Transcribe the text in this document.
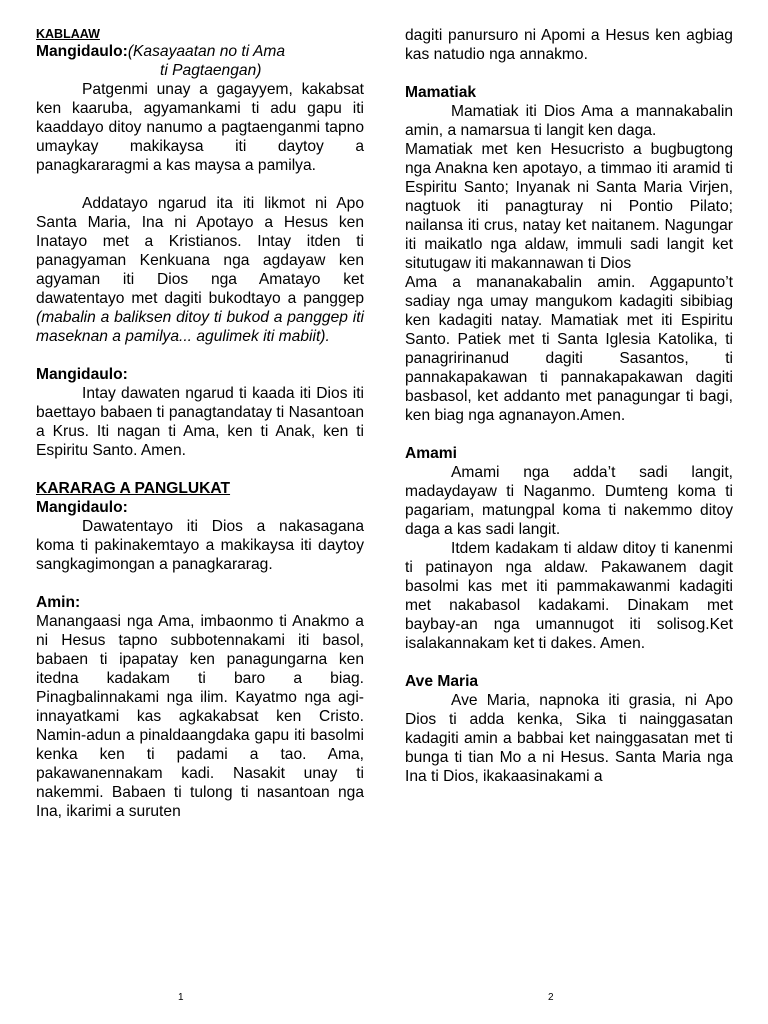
KABLAAW
Mangidaulo:(Kasayaatan no ti Ama
ti Pagtaengan)

Patgenmi unay a gagayyem, kakabsat ken kaaruba, agyamankami ti adu gapu iti kaaddayo ditoy nanumo a pagtaenganmi tapno umaykay makikaysa iti daytoy a panagkararagmi a kas maysa a pamilya.

Addatayo ngarud ita iti likmot ni Apo Santa Maria, Ina ni Apotayo a Hesus ken Inatayo met a Kristianos. Intay itden ti panagyaman Kenkuana nga agdayaw ken agyaman iti Dios nga Amatayo ket dawatentayo met dagiti bukodtayo a panggep (mabalin a baliksen ditoy ti bukod a panggep iti maseknan a pamilya... agulimek iti mabiit).

Mangidaulo:

Intay dawaten ngarud ti kaada iti Dios iti baettayo babaen ti panagtandatay ti Nasantoan a Krus. Iti nagan ti Ama, ken ti Anak, ken ti Espiritu Santo. Amen.

KARARAG A PANGLUKAT
Mangidaulo:

Dawatentayo iti Dios a nakasagana koma ti pakinakemtayo a makikaysa iti daytoy sangkagimongan a panagkararag.

Amin:

Manangaasi nga Ama, imbaonmo ti Anakmo a ni Hesus tapno subbotennakami iti basol, babaen ti ipapatay ken panagungarna ken itedna kadakam ti baro a biag. Pinagbalinnakami nga ilim. Kayatmo nga agi-innayatkami kas agkakabsat ken Cristo. Namin-adun a pinaldaangdaka gapu iti basolmi kenka ken ti padami a tao. Ama, pakawanennakam kadi. Nasakit unay ti nakemmi. Babaen ti tulong ti nasantoan nga Ina, ikarimi a suruten

dagiti panursuro ni Apomi a Hesus ken agbiag kas natudio nga annakmo.

Mamatiak

Mamatiak iti Dios Ama a mannakabalin amin, a namarsua ti langit ken daga.

Mamatiak met ken Hesucristo a bugbugtong nga Anakna ken apotayo, a timmao iti aramid ti Espiritu Santo; Inyanak ni Santa Maria Virjen, nagtuok iti panagturay ni Pontio Pilato; nailansa iti crus, natay ket naitanem. Nagungar iti maikatlo nga aldaw, immuli sadi langit ket situtugaw iti makannawan ti Dios

Ama a mananakabalin amin. Aggapunto’t sadiay nga umay mangukom kadagiti sibibiag ken kadagiti natay. Mamatiak met iti Espiritu Santo. Patiek met ti Santa Iglesia Katolika, ti panagririnanud dagiti Sasantos, ti pannakapakawan ti pannakapakawan dagiti basbasol, ket addanto met panagungar ti bagi, ken biag nga agnanayon.Amen.

Amami

Amami nga adda’t sadi langit, madaydayaw ti Naganmo. Dumteng koma ti pagariam, matungpal koma ti nakemmo ditoy daga a kas sadi langit.

Itdem kadakam ti aldaw ditoy ti kanenmi ti patinayon nga aldaw. Pakawanem dagit basolmi kas met iti pammakawanmi kadagiti met nakabasol kadakami. Dinakam met baybay-an nga umannugot iti solisog.Ket isalakannakam ket ti dakes. Amen.

Ave Maria

Ave Maria, napnoka iti grasia, ni Apo Dios ti adda kenka, Sika ti nainggasatan kadagiti amin a babbai ket nainggasatan met ti bunga ti tian Mo a ni Hesus. Santa Maria nga Ina ti Dios, ikakaasinakami a

1	2
